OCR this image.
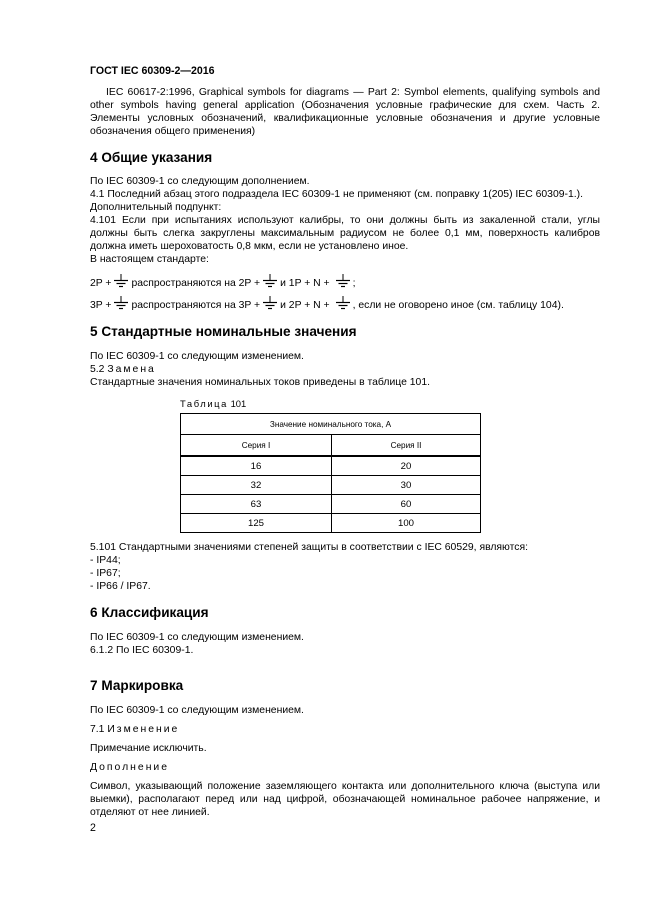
ГОСТ IEC 60309-2—2016

IEC 60617-2:1996, Graphical symbols for diagrams — Part 2: Symbol elements, qualifying symbols and other symbols having general application (Обозначения условные графические для схем. Часть 2. Элементы условных обозначений, квалификационные условные обозначения и другие условные обозначения общего применения)

4 Общие указания

По IEC 60309-1 со следующим дополнением.

4.1 Последний абзац этого подраздела IEC 60309-1 не применяют (см. поправку 1(205) IEC 60309-1.).

Дополнительный подпункт:

4.101 Если при испытаниях используют калибры, то они должны быть из закаленной стали, углы должны быть слегка закруглены максимальным радиусом не более 0,1 мм, поверхность калибров должна иметь шероховатость 0,8 мкм, если не установлено иное.

В настоящем стандарте:

2P + распространяются на 2P + и 1P + N + ;
3P + распространяются на 3P + и 2P + N + , если не оговорено иное (см. таблицу 104).
5 Стандартные номинальные значения

По IEC 60309-1 со следующим изменением.

5.2 Замена

Стандартные значения номинальных токов приведены в таблице 101.

Таблица 101
Значение номинального тока, А	
Серия I	Серия II
16	20
32	30
63	60
125	100

5.101 Стандартными значениями степеней защиты в соответствии с IEC 60529, являются:

- IP44;

- IP67;

- IP66 / IP67.

6 Классификация

По IEC 60309-1 со следующим изменением.

6.1.2 По IEC 60309-1.

7 Маркировка

По IEC 60309-1 со следующим изменением.

7.1 Изменение

Примечание исключить.

Дополнение

Символ, указывающий положение заземляющего контакта или дополнительного ключа (выступа или выемки), располагают перед или над цифрой, обозначающей номинальное рабочее напряжение, и отделяют от нее линией.

2
